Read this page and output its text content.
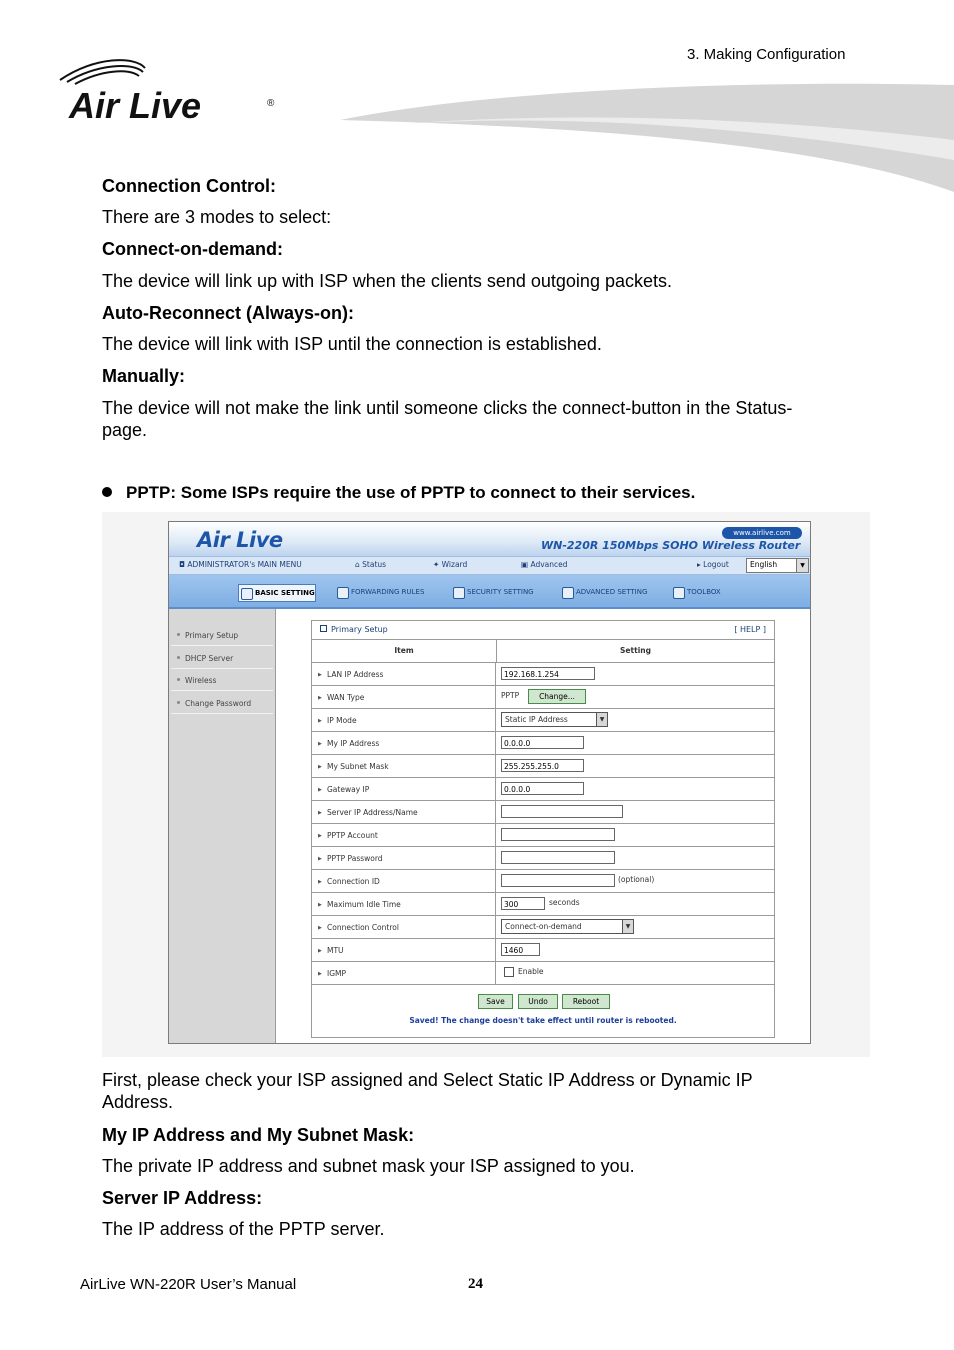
3. Making Configuration
Air Live	®
Connection Control:
There are 3 modes to select:
Connect-on-demand:
The device will link up with ISP when the clients send outgoing packets.
Auto-Reconnect (Always-on):
The device will link with ISP until the connection is established.
Manually:
The device will not make the link until someone clicks the connect-button in the Status-page.
PPTP: Some ISPs require the use of PPTP to connect to their services.
Air Live	www.airlive.com
WN-220R 150Mbps SOHO Wireless Router
◘ ADMINISTRATOR's MAIN MENU	⌂ Status	✦ Wizard	▣ Advanced	▸ Logout	English	▼
BASIC SETTING	FORWARDING RULES	SECURITY SETTING	ADVANCED SETTING	TOOLBOX
Primary Setup
DHCP Server
Wireless
Change Password
Primary Setup	[ HELP ]
Item	Setting
▶ LAN IP Address	192.168.1.254
▶ WAN Type	PPTP	Change...
▶ IP Mode	Static IP Address	▼
▶ My IP Address	0.0.0.0
▶ My Subnet Mask	255.255.255.0
▶ Gateway IP	0.0.0.0
▶ Server IP Address/Name
▶ PPTP Account
▶ PPTP Password
▶ Connection ID	(optional)
▶ Maximum Idle Time	300	seconds
▶ Connection Control	Connect-on-demand	▼
▶ MTU	1460
▶ IGMP	Enable
Save	Undo	Reboot
Saved! The change doesn't take effect until router is rebooted.
First, please check your ISP assigned and Select Static IP Address or Dynamic IP Address.
My IP Address and My Subnet Mask:
The private IP address and subnet mask your ISP assigned to you.
Server IP Address:
The IP address of the PPTP server.
AirLive WN-220R User’s Manual	24
